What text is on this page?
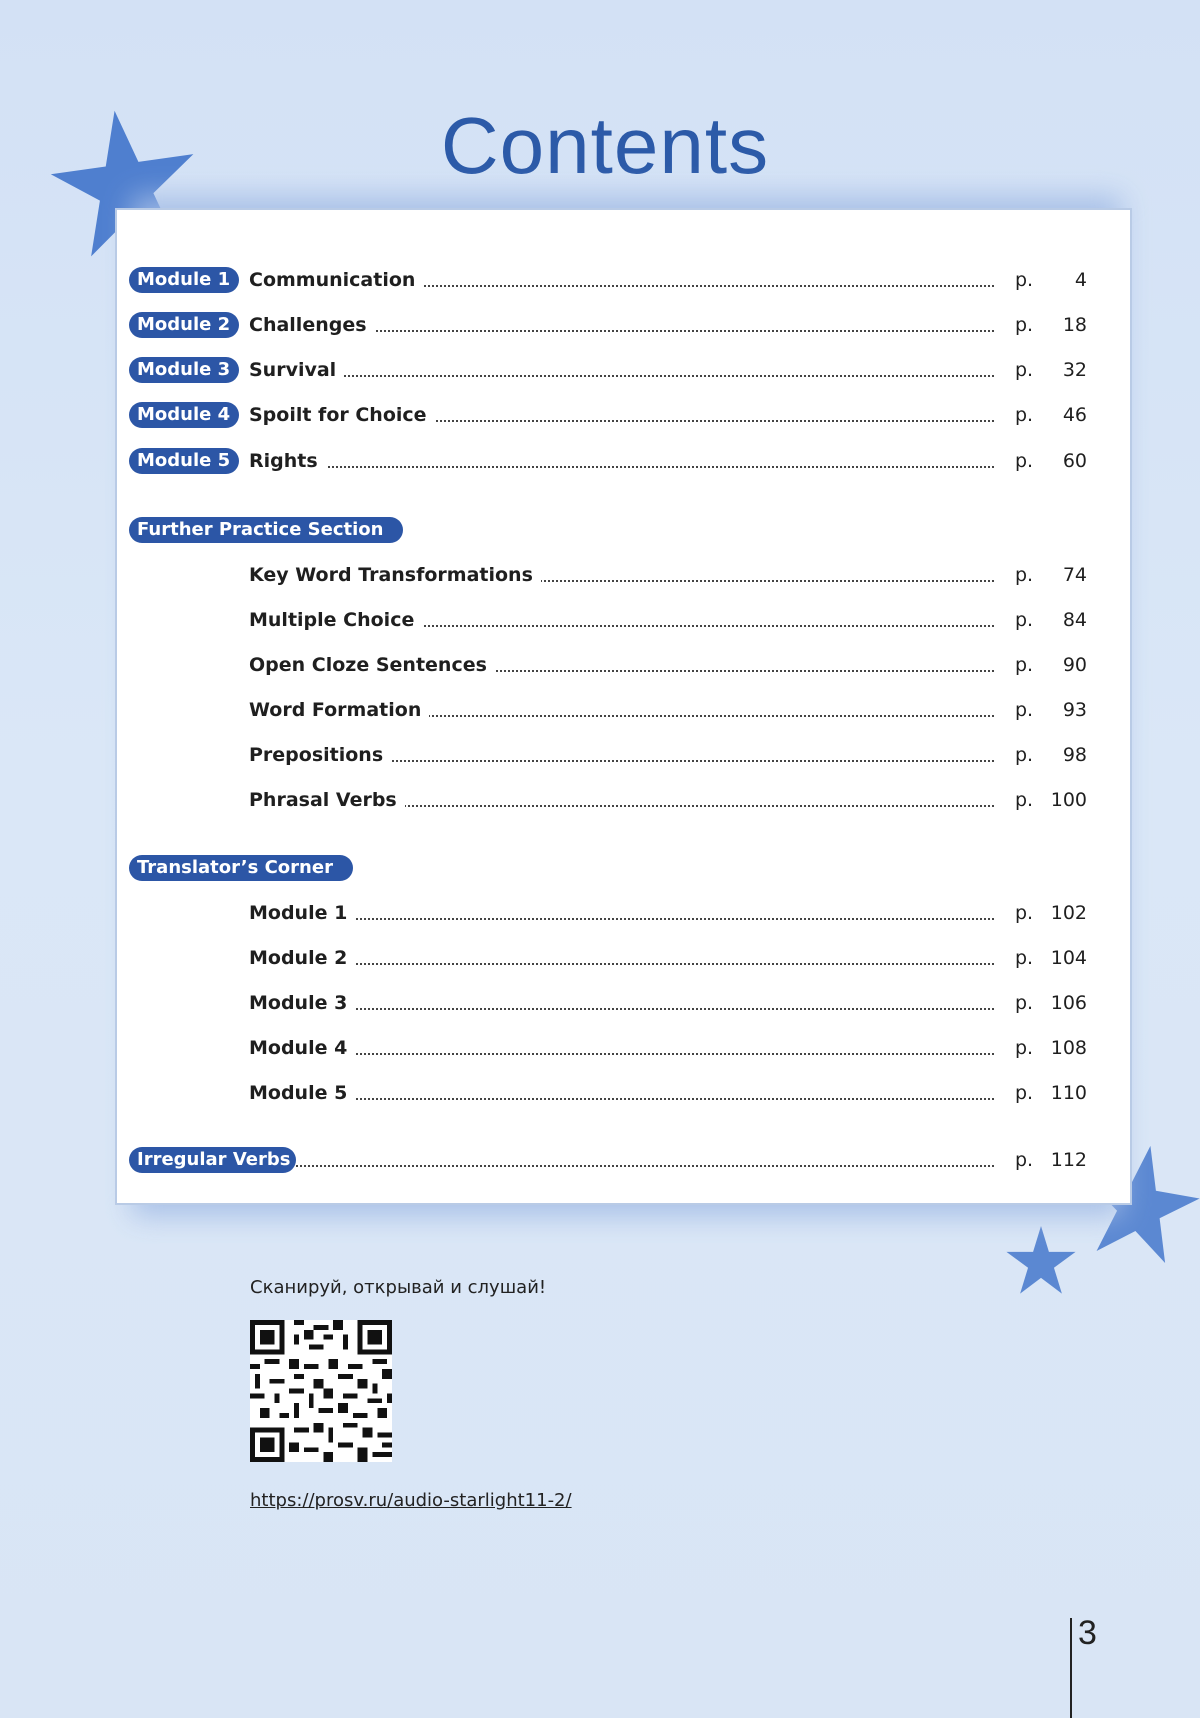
Contents
Module 1 Communication	p. 4
Module 2 Challenges	p. 18
Module 3 Survival	p. 32
Module 4 Spoilt for Choice	p. 46
Module 5 Rights	p. 60
Further Practice Section
Key Word Transformations	p. 74
Multiple Choice	p. 84
Open Cloze Sentences	p. 90
Word Formation	p. 93
Prepositions	p. 98
Phrasal Verbs	p. 100
Translator’s Corner
Module 1	p. 102
Module 2	p. 104
Module 3	p. 106
Module 4	p. 108
Module 5	p. 110
Irregular Verbs	p. 112
Сканируй, открывай и слушай!
https://prosv.ru/audio-starlight11-2/
3
